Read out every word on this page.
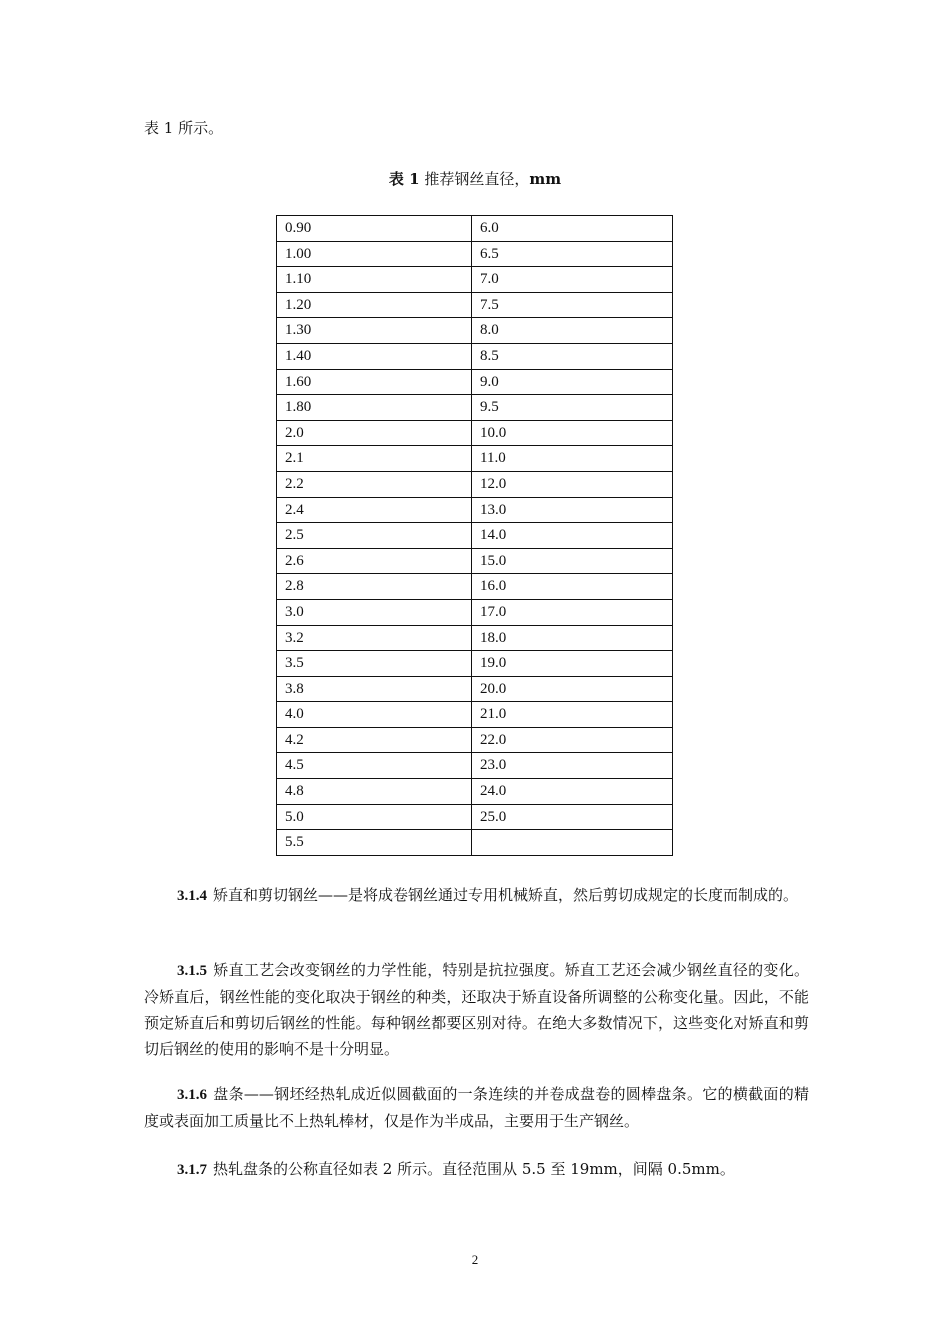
表 1 所示。
表 1 推荐钢丝直径，mm
0.90	6.0
1.00	6.5
1.10	7.0
1.20	7.5
1.30	8.0
1.40	8.5
1.60	9.0
1.80	9.5
2.0	10.0
2.1	11.0
2.2	12.0
2.4	13.0
2.5	14.0
2.6	15.0
2.8	16.0
3.0	17.0
3.2	18.0
3.5	19.0
3.8	20.0
4.0	21.0
4.2	22.0
4.5	23.0
4.8	24.0
5.0	25.0
5.5	
3.1.4 矫直和剪切钢丝——是将成卷钢丝通过专用机械矫直，然后剪切成规定的长度而制成的。
3.1.5 矫直工艺会改变钢丝的力学性能，特别是抗拉强度。矫直工艺还会减少钢丝直径的变化。冷矫直后，钢丝性能的变化取决于钢丝的种类，还取决于矫直设备所调整的公称变化量。因此，不能预定矫直后和剪切后钢丝的性能。每种钢丝都要区别对待。在绝大多数情况下，这些变化对矫直和剪切后钢丝的使用的影响不是十分明显。
3.1.6 盘条——钢坯经热轧成近似圆截面的一条连续的并卷成盘卷的圆棒盘条。它的横截面的精度或表面加工质量比不上热轧棒材，仅是作为半成品，主要用于生产钢丝。
3.1.7 热轧盘条的公称直径如表 2 所示。直径范围从 5.5 至 19mm，间隔 0.5mm。
2
